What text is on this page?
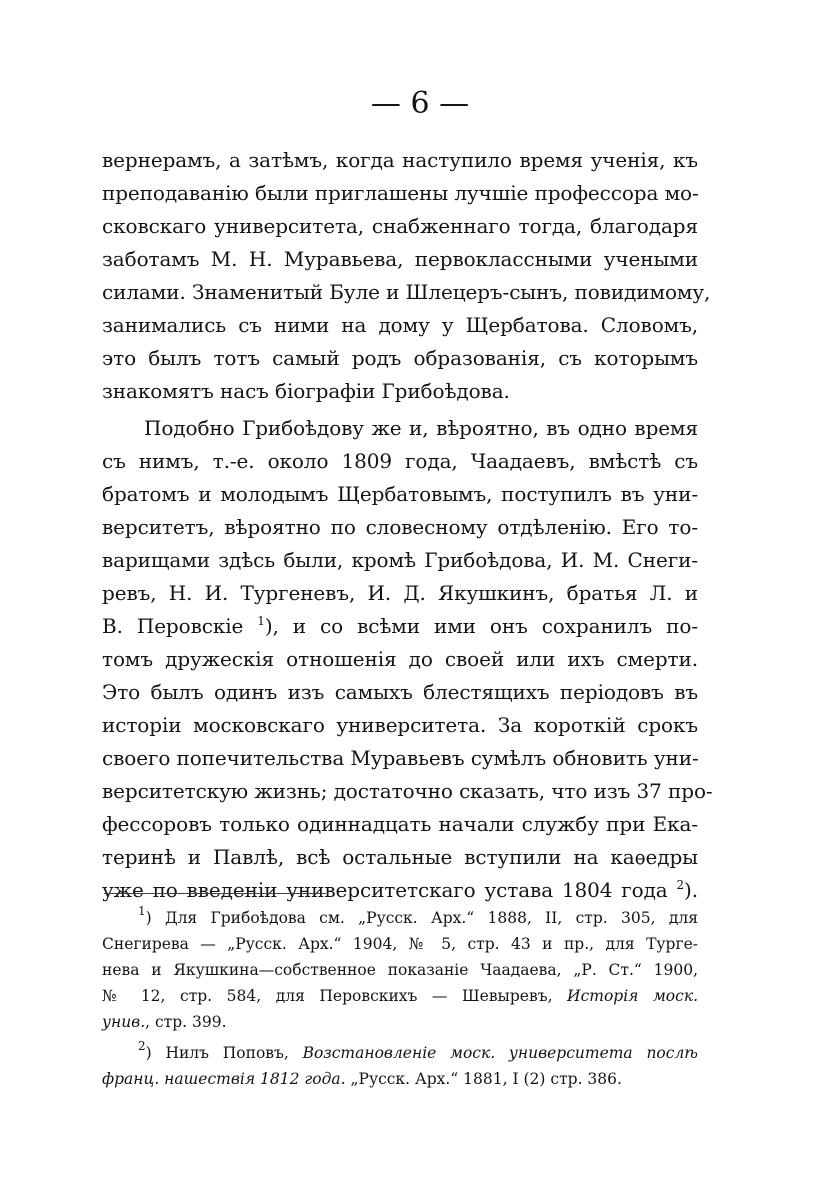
— 6 —
вернерамъ, а затѣмъ, когда наступило время ученія, къ
преподаванію были приглашены лучшіе профессора мо-
сковскаго университета, снабженнаго тогда, благодаря
заботамъ М. Н. Муравьева, первоклассными учеными
силами. Знаменитый Буле и Шлецеръ-сынъ, повидимому,
занимались съ ними на дому у Щербатова. Словомъ,
это былъ тотъ самый родъ образованія, съ которымъ
знакомятъ насъ біографіи Грибоѣдова.
Подобно Грибоѣдову же и, вѣроятно, въ одно время
съ нимъ, т.-е. около 1809 года, Чаадаевъ, вмѣстѣ съ
братомъ и молодымъ Щербатовымъ, поступилъ въ уни-
верситетъ, вѣроятно по словесному отдѣленію. Его то-
варищами здѣсь были, кромѣ Грибоѣдова, И. М. Снеги-
ревъ, Н. И. Тургеневъ, И. Д. Якушкинъ, братья Л. и
В. Перовскіе $^1$), и со всѣми ими онъ сохранилъ по-
томъ дружескія отношенія до своей или ихъ смерти.
Это былъ одинъ изъ самыхъ блестящихъ періодовъ въ
исторіи московскаго университета. За короткій срокъ
своего попечительства Муравьевъ сумѣлъ обновить уни-
верситетскую жизнь; достаточно сказать, что изъ 37 про-
фессоровъ только одиннадцать начали службу при Ека-
теринѣ и Павлѣ, всѣ остальные вступили на каѳедры
уже по введеніи университетскаго устава 1804 года $^2$).
$^1$) Для Грибоѣдова см. „Русск. Арх.“ 1888, II, стр. 305, для
Снегирева — „Русск. Арх.“ 1904, № 5, стр. 43 и пр., для Турге-
нева и Якушкина—собственное показаніе Чаадаева, „Р. Ст.“ 1900,
№ 12, стр. 584, для Перовскихъ — Шевыревъ, Исторія моск.
унив., стр. 399.
$^2$) Нилъ Поповъ, Возстановленіе моск. университета послѣ
франц. нашествія 1812 года. „Русск. Арх.“ 1881, I (2) стр. 386.
